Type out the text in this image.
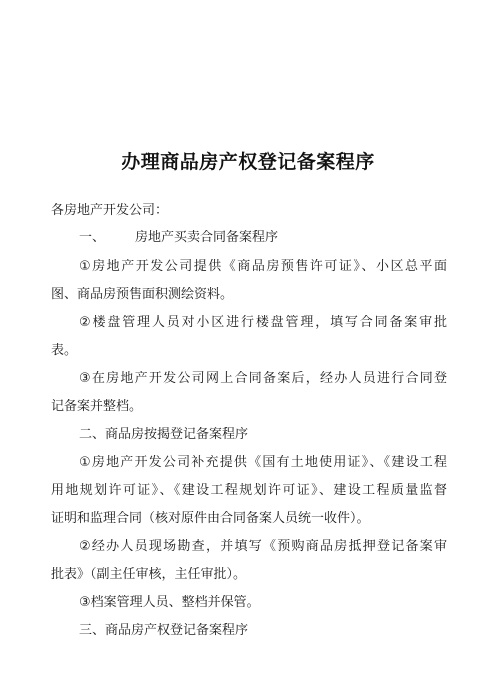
办理商品房产权登记备案程序
各房地产开发公司：
一、 房地产买卖合同备案程序
①房地产开发公司提供《商品房预售许可证》、小区总平面
图、商品房预售面积测绘资料。
②楼盘管理人员对小区进行楼盘管理，填写合同备案审批
表。
③在房地产开发公司网上合同备案后，经办人员进行合同登
记备案并整档。
二、商品房按揭登记备案程序
①房地产开发公司补充提供《国有土地使用证》、《建设工程
用地规划许可证》、《建设工程规划许可证》、建设工程质量监督
证明和监理合同（核对原件由合同备案人员统一收件）。
②经办人员现场勘查，并填写《预购商品房抵押登记备案审
批表》（副主任审核，主任审批）。
③档案管理人员、整档并保管。
三、商品房产权登记备案程序
